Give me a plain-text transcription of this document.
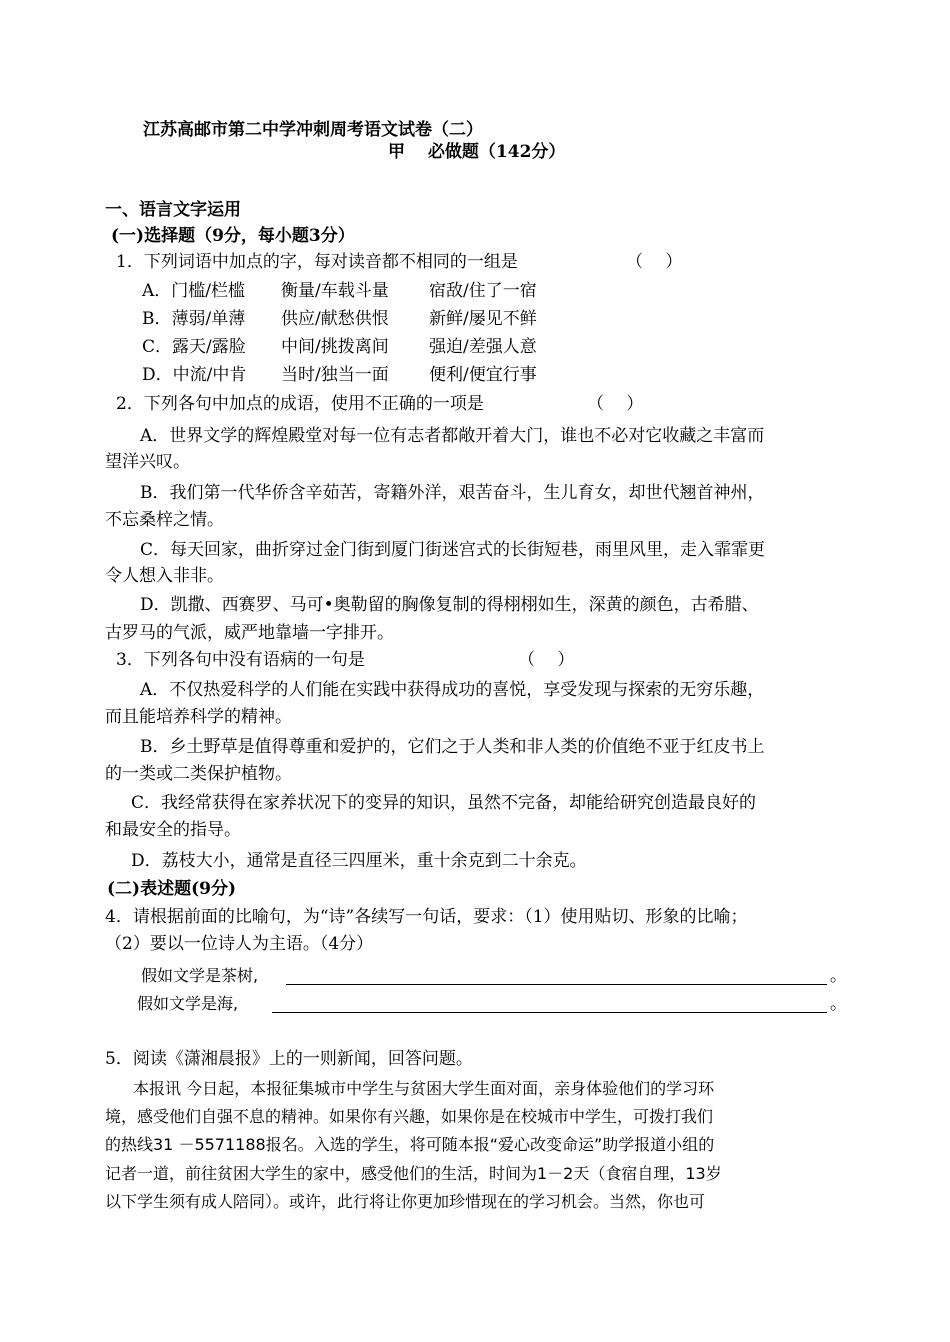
江苏高邮市第二中学冲刺周考语文试卷（二）
甲　 必做题（142分）
一、语言文字运用
(一)选择题（9分，每小题3分）
1．下列词语中加点的字，每对读音都不相同的一组是	（　 ）
A．门槛/栏槛 衡量/车载斗量 宿敌/住了一宿
B．薄弱/单薄 供应/献愁供恨 新鲜/屡见不鲜
C．露天/露脸 中间/挑拨离间 强迫/差强人意
D．中流/中肯 当时/独当一面 便利/便宜行事
2．下列各句中加点的成语，使用不正确的一项是	（　 ）
A．世界文学的辉煌殿堂对每一位有志者都敞开着大门，谁也不必对它收藏之丰富而
望洋兴叹。
B．我们第一代华侨含辛茹苦，寄籍外洋，艰苦奋斗，生儿育女，却世代翘首神州，
不忘桑梓之情。
C．每天回家，曲折穿过金门街到厦门街迷宫式的长街短巷，雨里风里，走入霏霏更
令人想入非非。
D．凯撒、西赛罗、马可•奥勒留的胸像复制的得栩栩如生，深黄的颜色，古希腊、
古罗马的气派，威严地靠墙一字排开。
3．下列各句中没有语病的一句是	（　 ）
A．不仅热爱科学的人们能在实践中获得成功的喜悦，享受发现与探索的无穷乐趣，
而且能培养科学的精神。
B．乡土野草是值得尊重和爱护的，它们之于人类和非人类的价值绝不亚于红皮书上
的一类或二类保护植物。
C．我经常获得在家养状况下的变异的知识，虽然不完备，却能给研究创造最良好的
和最安全的指导。
D．荔枝大小，通常是直径三四厘米，重十余克到二十余克。
(二)表述题(9分)
4．请根据前面的比喻句，为“诗”各续写一句话，要求：（1）使用贴切、形象的比喻；
（2）要以一位诗人为主语。（4分）
假如文学是茶树,	。
假如文学是海,	。
5．阅读《潇湘晨报》上的一则新闻，回答问题。
本报讯 今日起，本报征集城市中学生与贫困大学生面对面，亲身体验他们的学习环
境，感受他们自强不息的精神。如果你有兴趣，如果你是在校城市中学生，可拨打我们
的热线31 －5571188报名。入选的学生，将可随本报“爱心改变命运”助学报道小组的
记者一道，前往贫困大学生的家中，感受他们的生活，时间为1－2天（食宿自理，13岁
以下学生须有成人陪同）。或许，此行将让你更加珍惜现在的学习机会。当然，你也可
